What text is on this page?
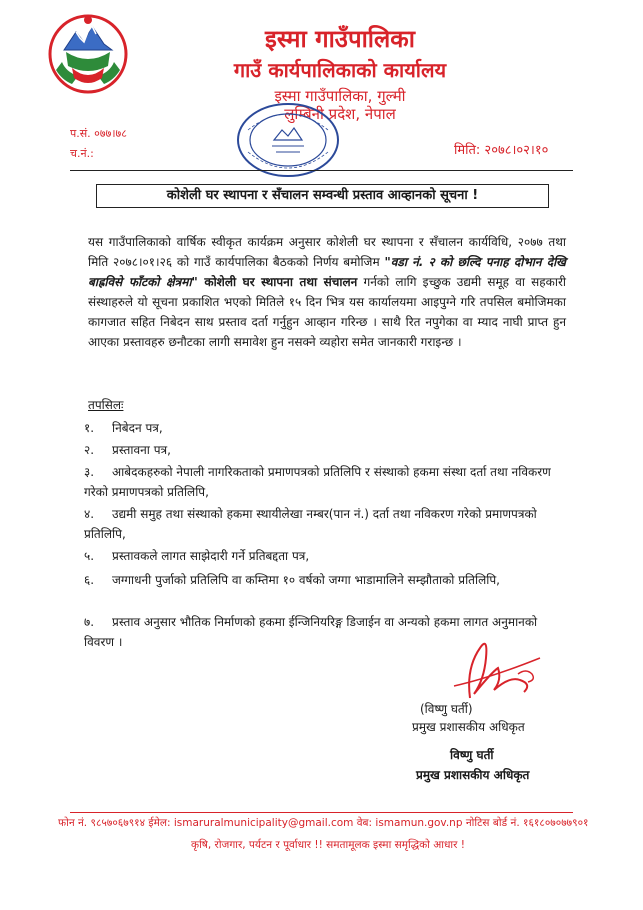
इस्मा गाउँपालिका
गाउँ कार्यपालिकाको कार्यालय
इस्मा गाउँपालिका, गुल्मी
लुम्बिनी प्रदेश, नेपाल
प.सं. ०७७।७८
च.नं.:	मिति: २०७८।०२।१०
कोशेली घर स्थापना र सँचालन सम्वन्धी प्रस्ताव आव्हानको सूचना !
यस गाउँपालिकाको वार्षिक स्वीकृत कार्यक्रम अनुसार कोशेली घर स्थापना र सँचालन कार्यविधि, २०७७ तथा मिति २०७८।०१।२६ को गाउँ कार्यपालिका बैठकको निर्णय बमोजिम "वडा नं. २ को छल्दि पनाह दोभान देखि बाह्रविसे फाँटको क्षेत्रमा" कोशेली घर स्थापना तथा संचालन गर्नको लागि इच्छुक उद्यमी समूह वा सहकारी संस्थाहरुले यो सूचना प्रकाशित भएको मितिले १५ दिन भित्र यस कार्यालयमा आइपुग्ने गरि तपसिल बमोजिमका कागजात सहित निबेदन साथ प्रस्ताव दर्ता गर्नुहुन आव्हान गरिन्छ । साथै रित नपुगेका वा म्याद नाघी प्राप्त हुन आएका प्रस्तावहरु छनौटका लागी समावेश हुन नसक्ने व्यहोरा समेत जानकारी गराइन्छ ।
तपसिलः
१. निबेदन पत्र,
२. प्रस्तावना पत्र,
३. आबेदकहरुको नेपाली नागरिकताको प्रमाणपत्रको प्रतिलिपि र संस्थाको हकमा संस्था दर्ता तथा नविकरण गरेको प्रमाणपत्रको प्रतिलिपि,
४. उद्यमी समुह तथा संस्थाको हकमा स्थायीलेखा नम्बर(पान नं.) दर्ता तथा नविकरण गरेको प्रमाणपत्रको प्रतिलिपि,
५. प्रस्तावकले लागत साझेदारी गर्ने प्रतिबद्दता पत्र,
६. जग्गाधनी पुर्जाको प्रतिलिपि वा कम्तिमा १० वर्षको जग्गा भाडामालिने सम्झौताको प्रतिलिपि,
७. प्रस्ताव अनुसार भौतिक निर्माणको हकमा ईन्जिनियरिङ्ग डिजाईन वा अन्यको हकमा लागत अनुमानको विवरण ।
(विष्णु घर्ती)
प्रमुख प्रशासकीय अधिकृत
विष्णु घर्ती
प्रमुख प्रशासकीय अधिकृत
फोन नं. ९८५७०६७९१४ ईमेल: ismaruralmunicipality@gmail.com वेब: ismamun.gov.np नोटिस बोर्ड नं. १६१८०७०७७९०१
कृषि, रोजगार, पर्यटन र पूर्वाधार !! समतामूलक इस्मा समृद्धिको आधार !
